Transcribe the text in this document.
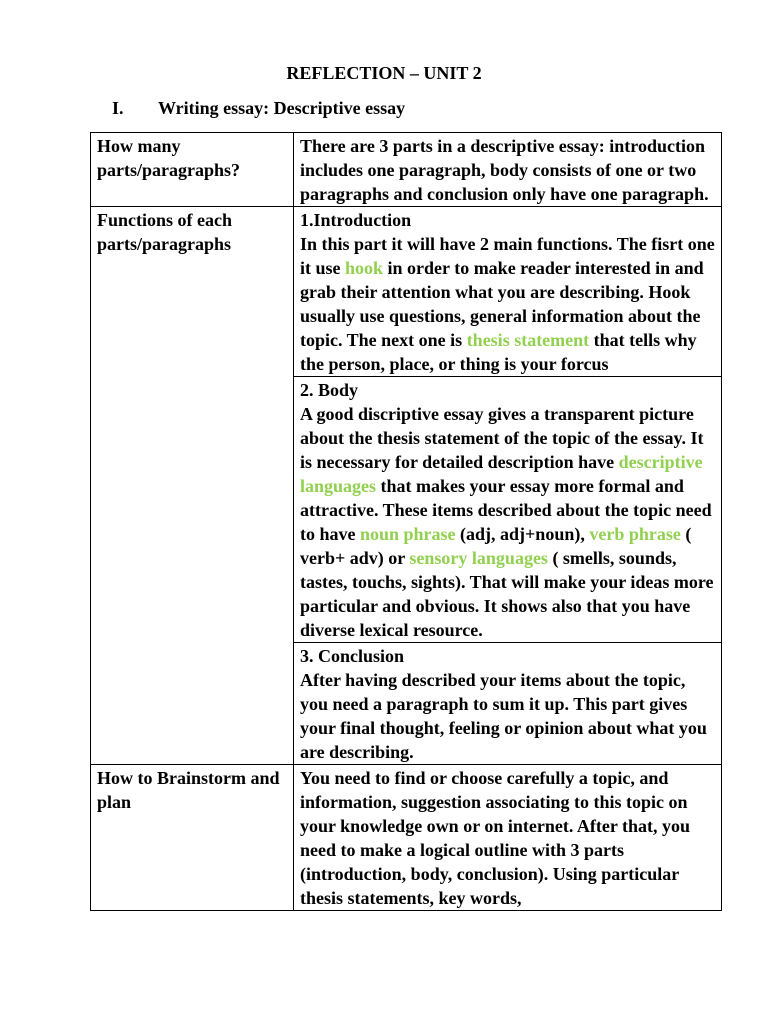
REFLECTION – UNIT 2
I. Writing essay: Descriptive essay
How many parts/paragraphs?	There are 3 parts in a descriptive essay: introduction includes one paragraph, body consists of one or two paragraphs and conclusion only have one paragraph.
Functions of each parts/paragraphs	1.Introduction
In this part it will have 2 main functions. The fisrt one it use hook in order to make reader interested in and grab their attention what you are describing. Hook usually use questions, general information about the topic. The next one is thesis statement that tells why the person, place, or thing is your forcus

	2. Body
A good discriptive essay gives a transparent picture about the thesis statement of the topic of the essay. It is necessary for detailed description have descriptive languages that makes your essay more formal and attractive. These items described about the topic need to have noun phrase (adj, adj+noun), verb phrase ( verb+ adv) or sensory languages ( smells, sounds, tastes, touchs, sights). That will make your ideas more particular and obvious. It shows also that you have diverse lexical resource.

	3. Conclusion
After having described your items about the topic, you need a paragraph to sum it up. This part gives your final thought, feeling or opinion about what you are describing.

How to Brainstorm and plan	You need to find or choose carefully a topic, and information, suggestion associating to this topic on your knowledge own or on internet. After that, you need to make a logical outline with 3 parts (introduction, body, conclusion). Using particular thesis statements, key words,
